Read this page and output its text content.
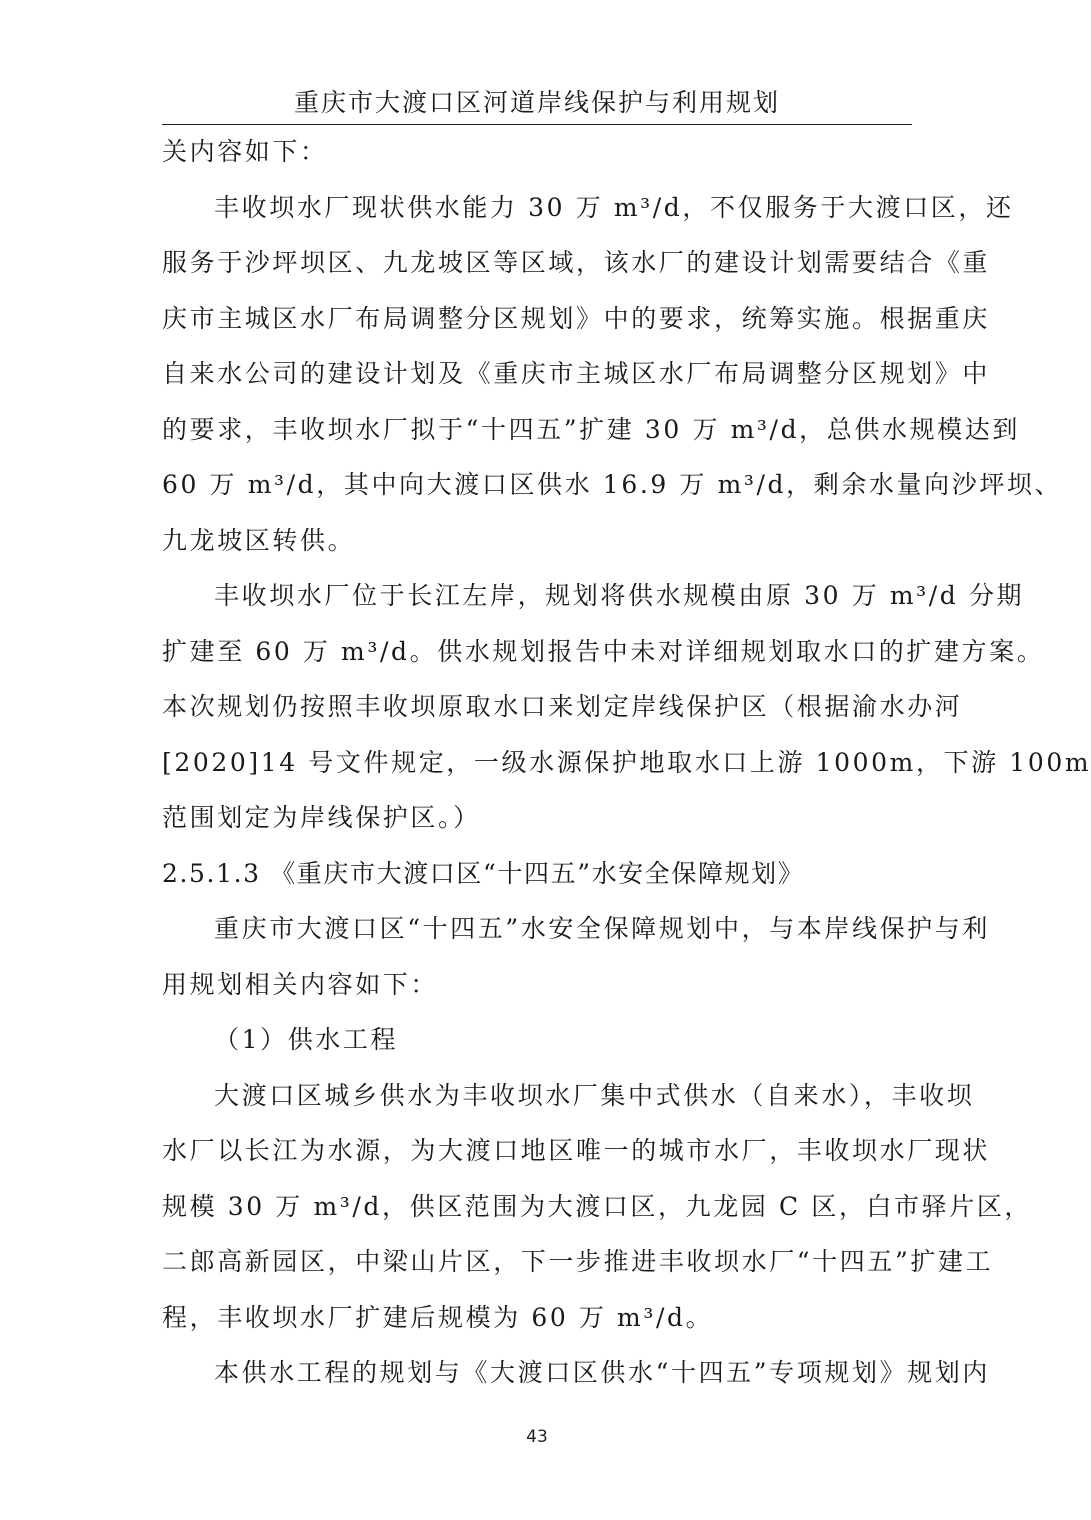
重庆市大渡口区河道岸线保护与利用规划
关内容如下：
丰收坝水厂现状供水能力 30 万 m³/d，不仅服务于大渡口区，还
服务于沙坪坝区、九龙坡区等区域，该水厂的建设计划需要结合《重
庆市主城区水厂布局调整分区规划》中的要求，统筹实施。根据重庆
自来水公司的建设计划及《重庆市主城区水厂布局调整分区规划》中
的要求，丰收坝水厂拟于“十四五”扩建 30 万 m³/d，总供水规模达到
60 万 m³/d，其中向大渡口区供水 16.9 万 m³/d，剩余水量向沙坪坝、
九龙坡区转供。
丰收坝水厂位于长江左岸，规划将供水规模由原 30 万 m³/d 分期
扩建至 60 万 m³/d。供水规划报告中未对详细规划取水口的扩建方案。
本次规划仍按照丰收坝原取水口来划定岸线保护区（根据渝水办河
[2020]14 号文件规定，一级水源保护地取水口上游 1000m，下游 100m
范围划定为岸线保护区。）
2.5.1.3 《重庆市大渡口区“十四五”水安全保障规划》
重庆市大渡口区“十四五”水安全保障规划中，与本岸线保护与利
用规划相关内容如下：
（1）供水工程
大渡口区城乡供水为丰收坝水厂集中式供水（自来水），丰收坝
水厂以长江为水源，为大渡口地区唯一的城市水厂，丰收坝水厂现状
规模 30 万 m³/d，供区范围为大渡口区，九龙园 C 区，白市驿片区，
二郎高新园区，中梁山片区，下一步推进丰收坝水厂“十四五”扩建工
程，丰收坝水厂扩建后规模为 60 万 m³/d。
本供水工程的规划与《大渡口区供水“十四五”专项规划》规划内
43
